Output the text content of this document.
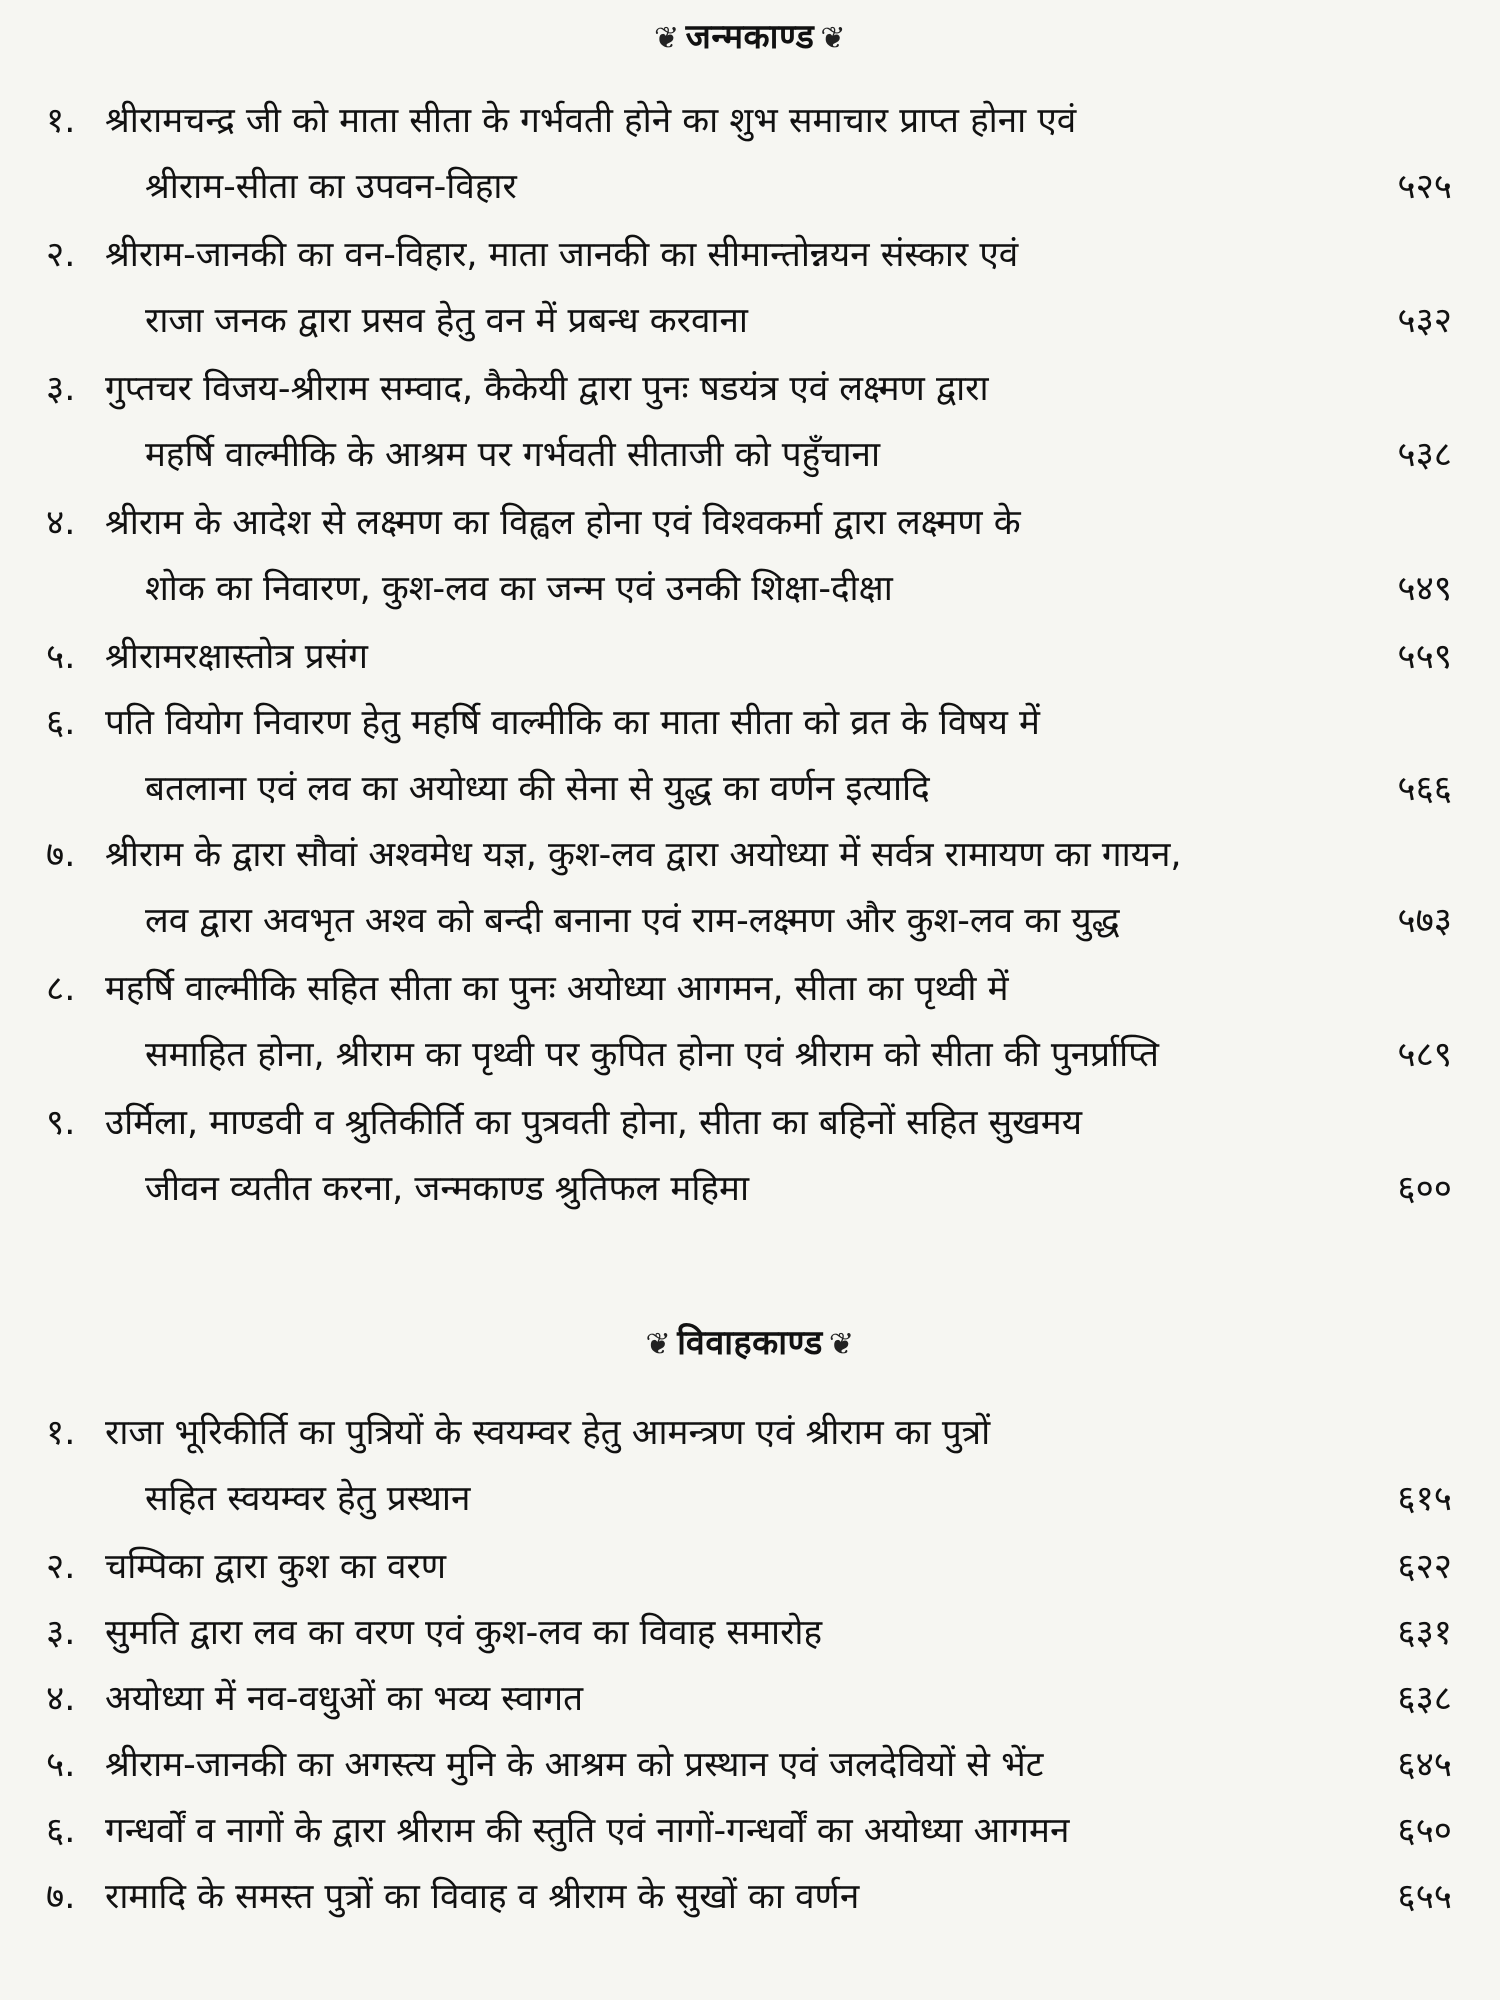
❦ जन्मकाण्ड ❦
१. श्रीरामचन्द्र जी को माता सीता के गर्भवती होने का शुभ समाचार प्राप्त होना एवं
श्रीराम-सीता का उपवन-विहार	५२५
२. श्रीराम-जानकी का वन-विहार, माता जानकी का सीमान्तोन्नयन संस्कार एवं
राजा जनक द्वारा प्रसव हेतु वन में प्रबन्ध करवाना	५३२
३. गुप्तचर विजय-श्रीराम सम्वाद, कैकेयी द्वारा पुनः षडयंत्र एवं लक्ष्मण द्वारा
महर्षि वाल्मीकि के आश्रम पर गर्भवती सीताजी को पहुँचाना	५३८
४. श्रीराम के आदेश से लक्ष्मण का विह्वल होना एवं विश्वकर्मा द्वारा लक्ष्मण के
शोक का निवारण, कुश-लव का जन्म एवं उनकी शिक्षा-दीक्षा	५४९
५. श्रीरामरक्षास्तोत्र प्रसंग	५५९
६. पति वियोग निवारण हेतु महर्षि वाल्मीकि का माता सीता को व्रत के विषय में
बतलाना एवं लव का अयोध्या की सेना से युद्ध का वर्णन इत्यादि	५६६
७. श्रीराम के द्वारा सौवां अश्वमेध यज्ञ, कुश-लव द्वारा अयोध्या में सर्वत्र रामायण का गायन,
लव द्वारा अवभृत अश्व को बन्दी बनाना एवं राम-लक्ष्मण और कुश-लव का युद्ध	५७३
८. महर्षि वाल्मीकि सहित सीता का पुनः अयोध्या आगमन, सीता का पृथ्वी में
समाहित होना, श्रीराम का पृथ्वी पर कुपित होना एवं श्रीराम को सीता की पुनर्प्राप्ति	५८९
९. उर्मिला, माण्डवी व श्रुतिकीर्ति का पुत्रवती होना, सीता का बहिनों सहित सुखमय
जीवन व्यतीत करना, जन्मकाण्ड श्रुतिफल महिमा	६००
❦ विवाहकाण्ड ❦
१. राजा भूरिकीर्ति का पुत्रियों के स्वयम्वर हेतु आमन्त्रण एवं श्रीराम का पुत्रों
सहित स्वयम्वर हेतु प्रस्थान	६१५
२. चम्पिका द्वारा कुश का वरण	६२२
३. सुमति द्वारा लव का वरण एवं कुश-लव का विवाह समारोह	६३१
४. अयोध्या में नव-वधुओं का भव्य स्वागत	६३८
५. श्रीराम-जानकी का अगस्त्य मुनि के आश्रम को प्रस्थान एवं जलदेवियों से भेंट	६४५
६. गन्धर्वों व नागों के द्वारा श्रीराम की स्तुति एवं नागों-गन्धर्वों का अयोध्या आगमन	६५०
७. रामादि के समस्त पुत्रों का विवाह व श्रीराम के सुखों का वर्णन	६५५
